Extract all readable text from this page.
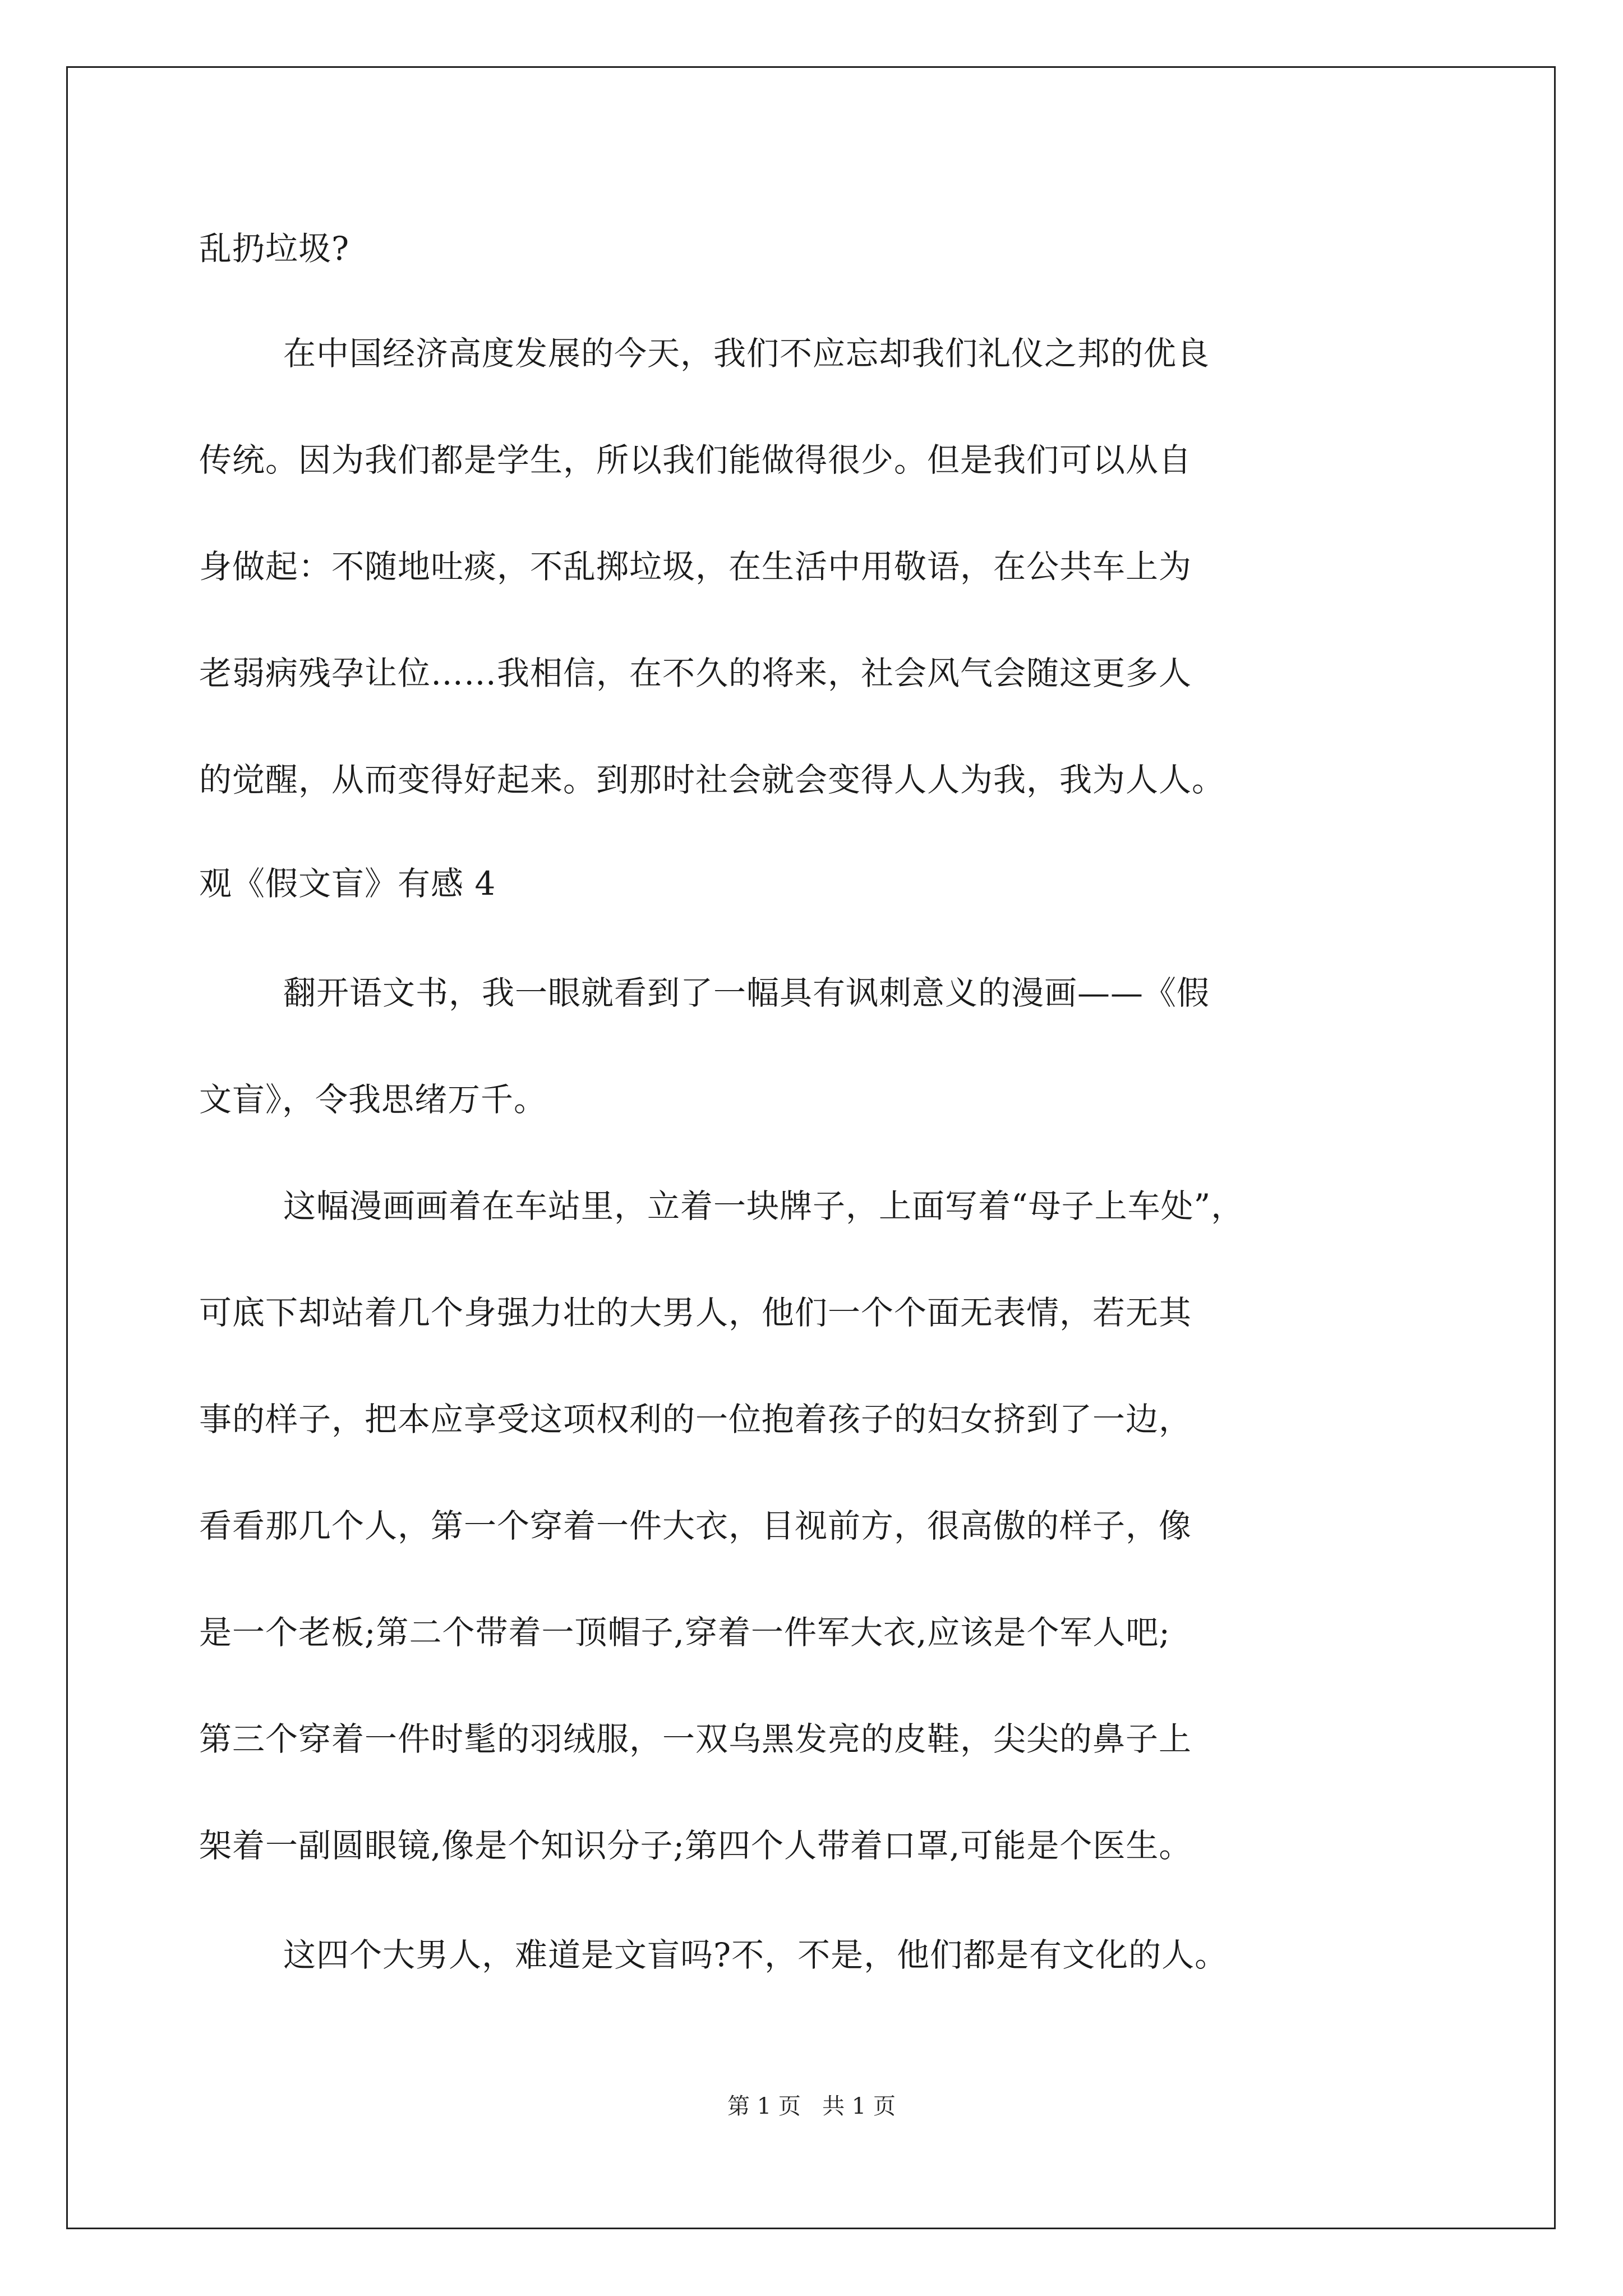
乱扔垃圾?
在中国经济高度发展的今天，我们不应忘却我们礼仪之邦的优良
传统。因为我们都是学生，所以我们能做得很少。但是我们可以从自
身做起：不随地吐痰，不乱掷垃圾，在生活中用敬语，在公共车上为
老弱病残孕让位……我相信，在不久的将来，社会风气会随这更多人
的觉醒，从而变得好起来。到那时社会就会变得人人为我，我为人人。
观《假文盲》有感 4
翻开语文书，我一眼就看到了一幅具有讽刺意义的漫画——《假
文盲》，令我思绪万千。
这幅漫画画着在车站里，立着一块牌子，上面写着“母子上车处”，
可底下却站着几个身强力壮的大男人，他们一个个面无表情，若无其
事的样子，把本应享受这项权利的一位抱着孩子的妇女挤到了一边，
看看那几个人，第一个穿着一件大衣，目视前方，很高傲的样子，像
是一个老板;第二个带着一顶帽子,穿着一件军大衣,应该是个军人吧;
第三个穿着一件时髦的羽绒服，一双乌黑发亮的皮鞋，尖尖的鼻子上
架着一副圆眼镜,像是个知识分子;第四个人带着口罩,可能是个医生。
这四个大男人，难道是文盲吗?不，不是，他们都是有文化的人。
第 1 页   共 1 页
